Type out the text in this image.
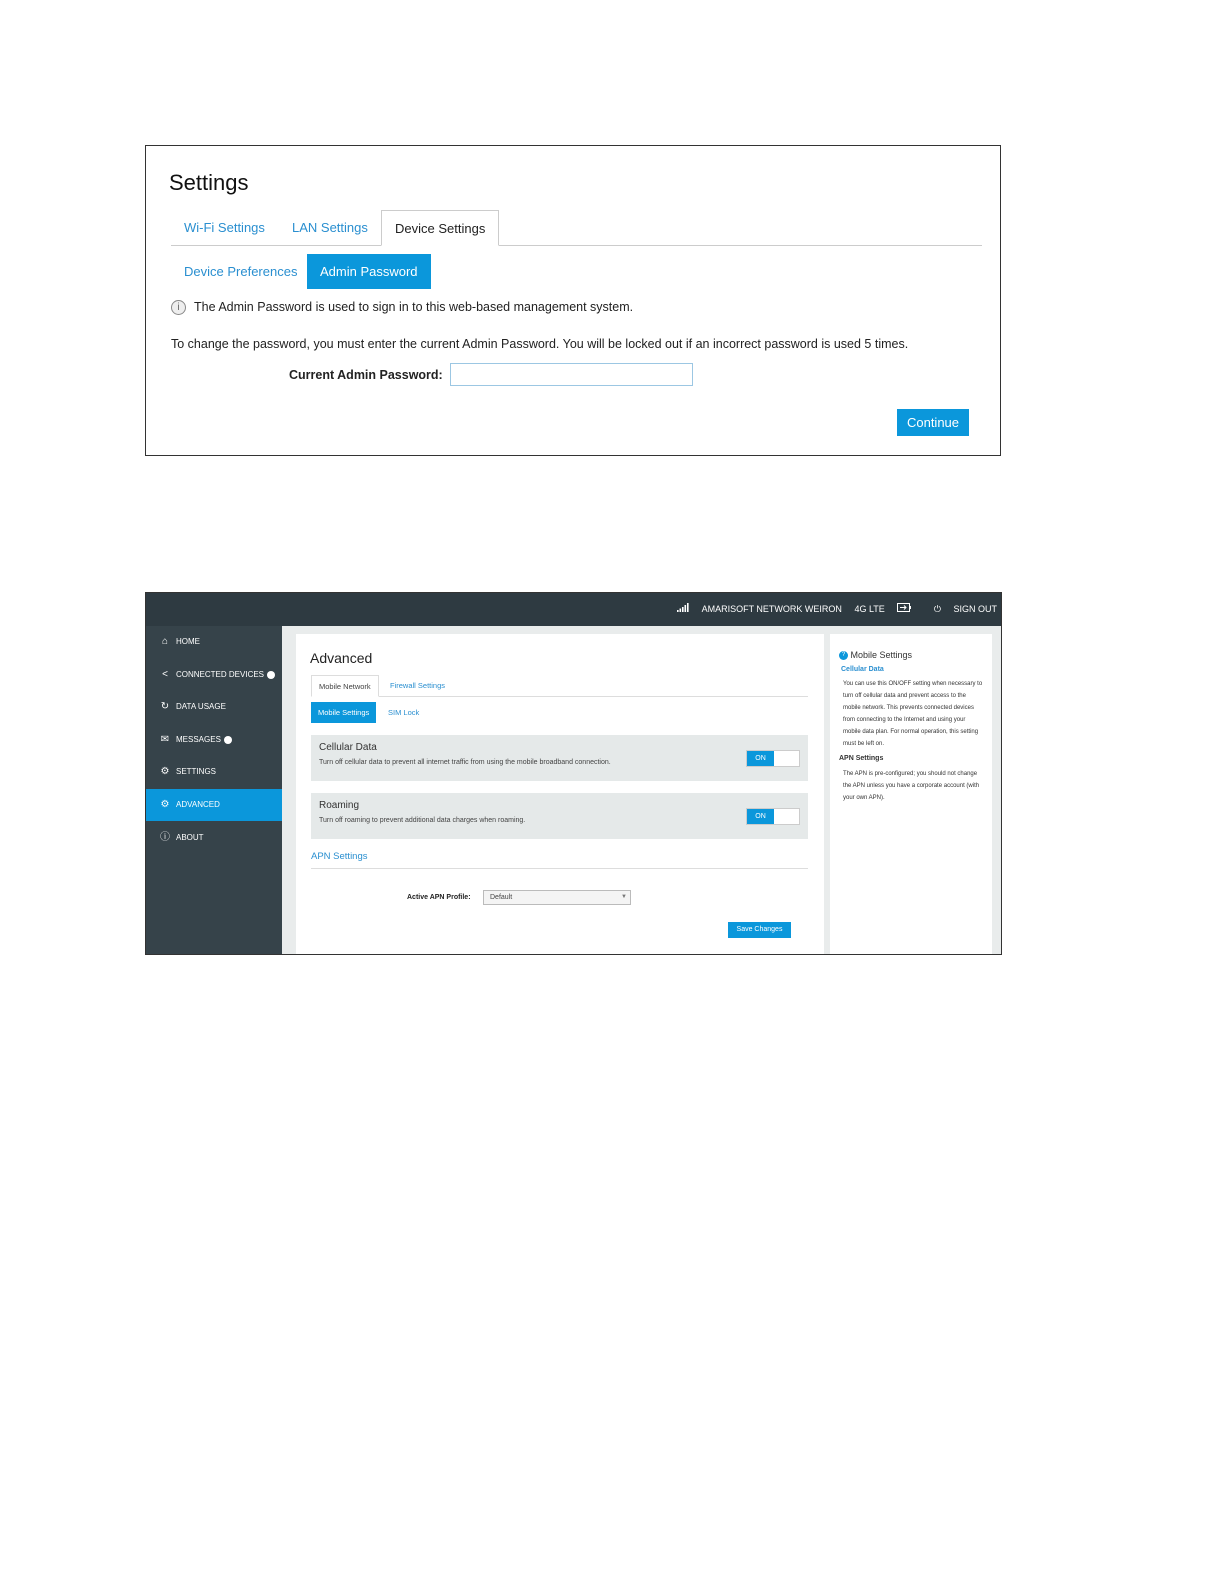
Settings
Wi-Fi Settings	LAN Settings	Device Settings
Device Preferences	Admin Password
i	The Admin Password is used to sign in to this web-based management system.
To change the password, you must enter the current Admin Password. You will be locked out if an incorrect password is used 5 times.
Current Admin Password:
Continue
AMARISOFT NETWORK WEIRON 4G LTE	⏻ SIGN OUT
⌂ HOME
<	CONNECTED DEVICES
↻ DATA USAGE
✉ MESSAGES
⚙ SETTINGS
⚙ ADVANCED
ⓘ ABOUT
Advanced
Mobile Network	Firewall Settings
Mobile Settings	SIM Lock
Cellular Data
Turn off cellular data to prevent all internet traffic from using the mobile broadband connection.
ON
Roaming
Turn off roaming to prevent additional data charges when roaming.
ON
APN Settings
Active APN Profile:	Default	▼
Save Changes
? Mobile Settings
Cellular Data
You can use this ON/OFF setting when necessary to turn off cellular data and prevent access to the mobile network. This prevents connected devices from connecting to the Internet and using your mobile data plan. For normal operation, this setting must be left on.
APN Settings
The APN is pre-configured; you should not change the APN unless you have a corporate account (with your own APN).
